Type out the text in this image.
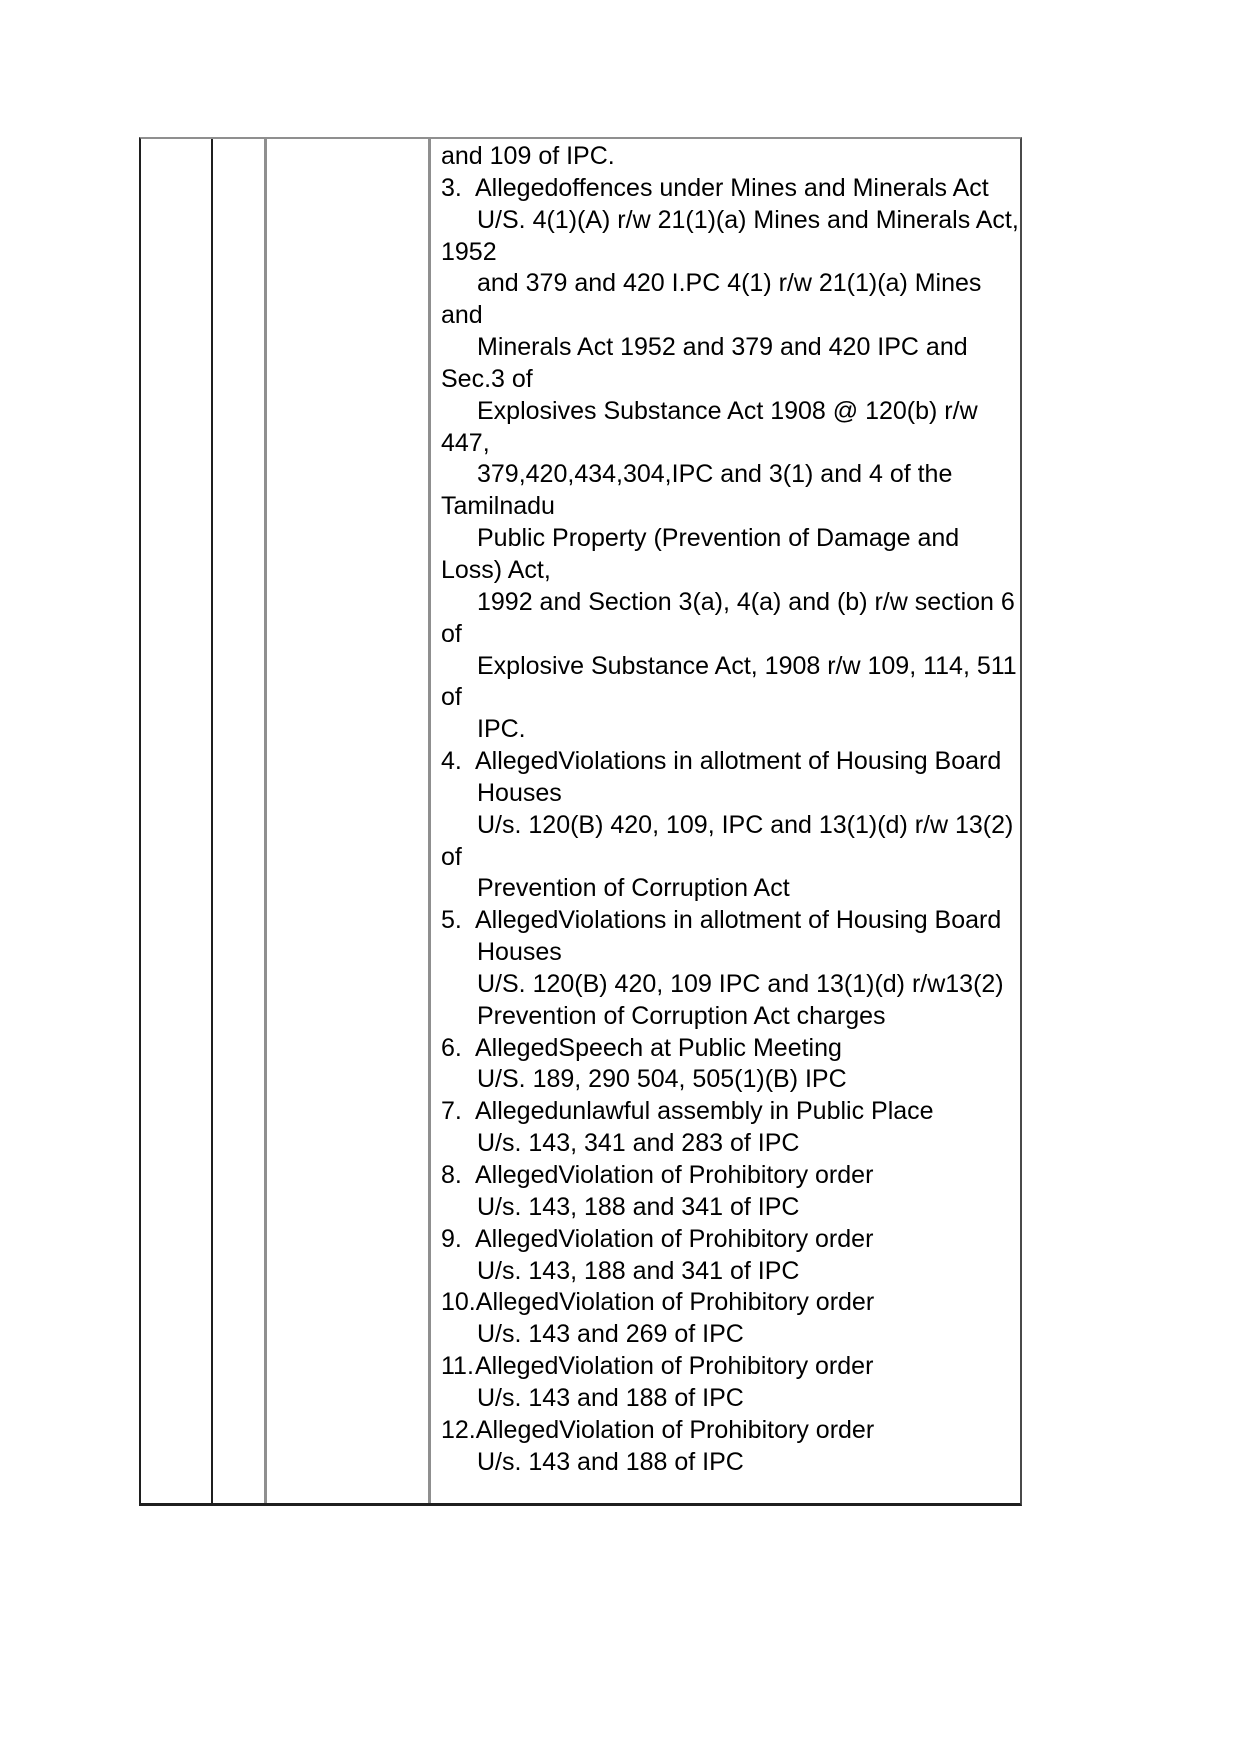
and 109 of IPC.
3. Allegedoffences under Mines and Minerals Act
U/S. 4(1)(A) r/w 21(1)(a) Mines and Minerals Act,
1952
and 379 and 420 I.PC 4(1) r/w 21(1)(a) Mines
and
Minerals Act 1952 and 379 and 420 IPC and
Sec.3 of
Explosives Substance Act 1908 @ 120(b) r/w
447,
379,420,434,304,IPC and 3(1) and 4 of the
Tamilnadu
Public Property (Prevention of Damage and
Loss) Act,
1992 and Section 3(a), 4(a) and (b) r/w section 6
of
Explosive Substance Act, 1908 r/w 109, 114, 511
of
IPC.
4. AllegedViolations in allotment of Housing Board
Houses
U/s. 120(B) 420, 109, IPC and 13(1)(d) r/w 13(2)
of
Prevention of Corruption Act
5. AllegedViolations in allotment of Housing Board
Houses
U/S. 120(B) 420, 109 IPC and 13(1)(d) r/w13(2)
Prevention of Corruption Act charges
6. AllegedSpeech at Public Meeting
U/S. 189, 290 504, 505(1)(B) IPC
7. Allegedunlawful assembly in Public Place
U/s. 143, 341 and 283 of IPC
8. AllegedViolation of Prohibitory order
U/s. 143, 188 and 341 of IPC
9. AllegedViolation of Prohibitory order
U/s. 143, 188 and 341 of IPC
10.AllegedViolation of Prohibitory order
U/s. 143 and 269 of IPC
11.AllegedViolation of Prohibitory order
U/s. 143 and 188 of IPC
12.AllegedViolation of Prohibitory order
U/s. 143 and 188 of IPC
